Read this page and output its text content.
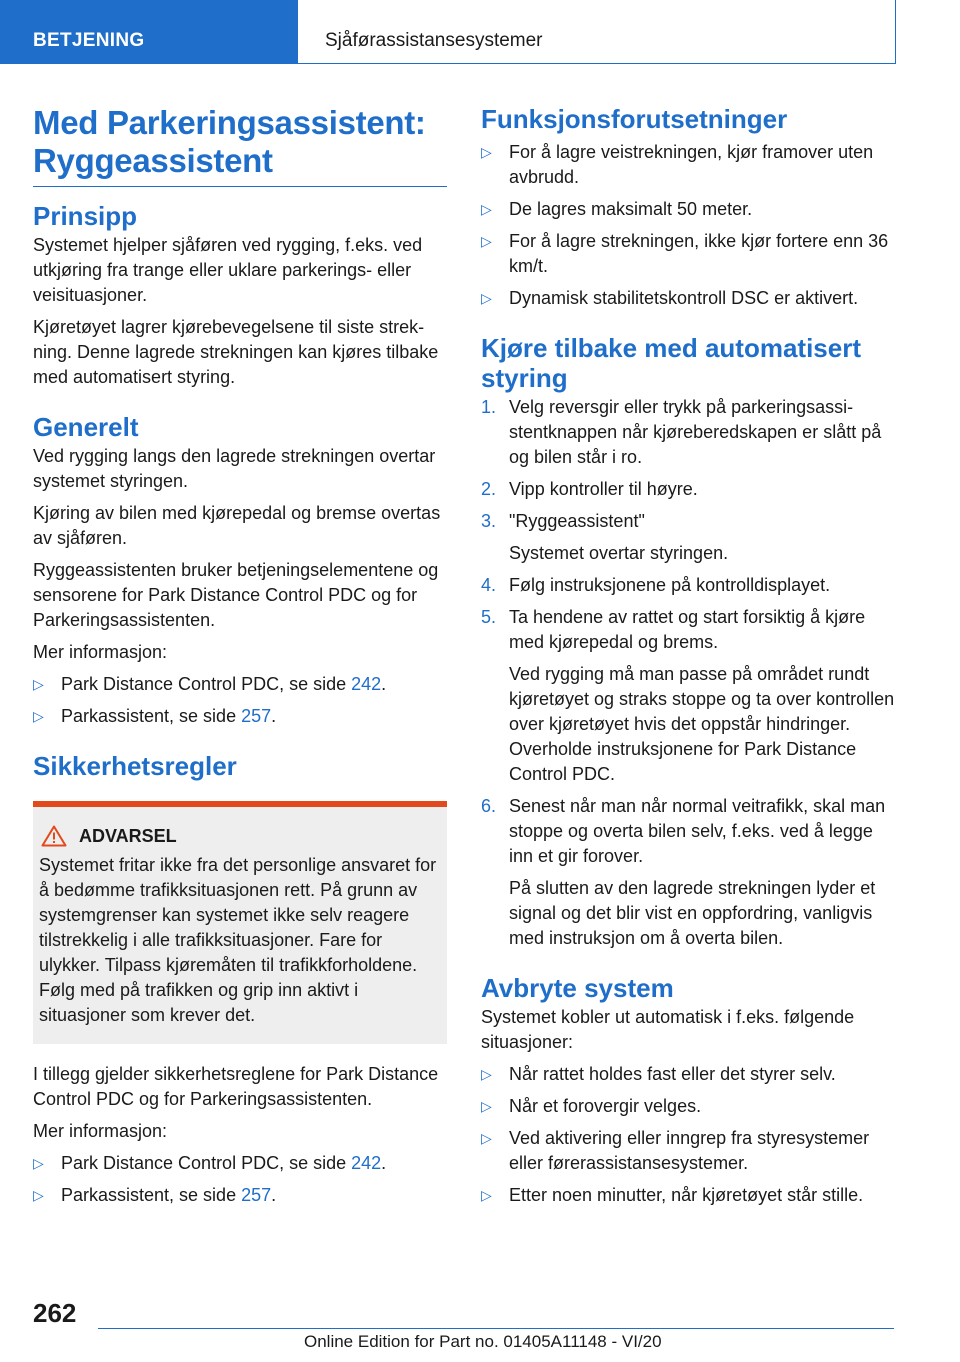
BETJENING	Sjåførassistansesystemer
Med Parkeringsassistent:
Ryggeassistent
Prinsipp

Systemet hjelper sjåføren ved rygging, f.eks. ved utkjøring fra trange eller uklare parkerings- eller veisituasjoner.

Kjøretøyet lagrer kjørebevegelsene til siste strekning. Denne lagrede strekningen kan kjøres tilbake med automatisert styring.

Generelt

Ved rygging langs den lagrede strekningen overtar systemet styringen.

Kjøring av bilen med kjørepedal og bremse overtas av sjåføren.

Ryggeassistenten bruker betjeningselementene og sensorene for Park Distance Control PDC og for Parkeringsassistenten.

Mer informasjon:

▷ Park Distance Control PDC, se side 242.
▷ Parkassistent, se side 257.
Sikkerhetsregler
ADVARSEL

Systemet fritar ikke fra det personlige ansvaret for å bedømme trafikksituasjonen rett. På grunn av systemgrenser kan systemet ikke selv reagere tilstrekkelig i alle trafikksituasjoner. Fare for ulykker. Tilpass kjøremåten til trafikkforholdene. Følg med på trafikken og grip inn aktivt i situasjoner som krever det.

I tillegg gjelder sikkerhetsreglene for Park Distance Control PDC og for Parkeringsassistenten.

Mer informasjon:

▷ Park Distance Control PDC, se side 242.
▷ Parkassistent, se side 257.
Funksjonsforutsetninger
▷ For å lagre veistrekningen, kjør framover uten avbrudd.
▷ De lagres maksimalt 50 meter.
▷ For å lagre strekningen, ikke kjør fortere enn 36 km/t.
▷ Dynamisk stabilitetskontroll DSC er aktivert.
Kjøre tilbake med automatisert
styring
1. Velg reversgir eller trykk på parkeringsassistentknappen når kjøreberedskapen er slått på og bilen står i ro.
2. Vipp kontroller til høyre.
3. "Ryggeassistent"
Systemet overtar styringen.
4. Følg instruksjonene på kontrolldisplayet.
5. Ta hendene av rattet og start forsiktig å kjøre med kjørepedal og brems.
Ved rygging må man passe på området rundt kjøretøyet og straks stoppe og ta over kontrollen over kjøretøyet hvis det oppstår hindringer. Overholde instruksjonene for Park Distance Control PDC.
6. Senest når man når normal veitrafikk, skal man stoppe og overta bilen selv, f.eks. ved å legge inn et gir forover.
På slutten av den lagrede strekningen lyder et signal og det blir vist en oppfordring, vanligvis med instruksjon om å overta bilen.
Avbryte system

Systemet kobler ut automatisk i f.eks. følgende situasjoner:

▷ Når rattet holdes fast eller det styrer selv.
▷ Når et forovergir velges.
▷ Ved aktivering eller inngrep fra styresystemer eller førerassistansesystemer.
▷ Etter noen minutter, når kjøretøyet står stille.
262
Online Edition for Part no. 01405A11148 - VI/20
